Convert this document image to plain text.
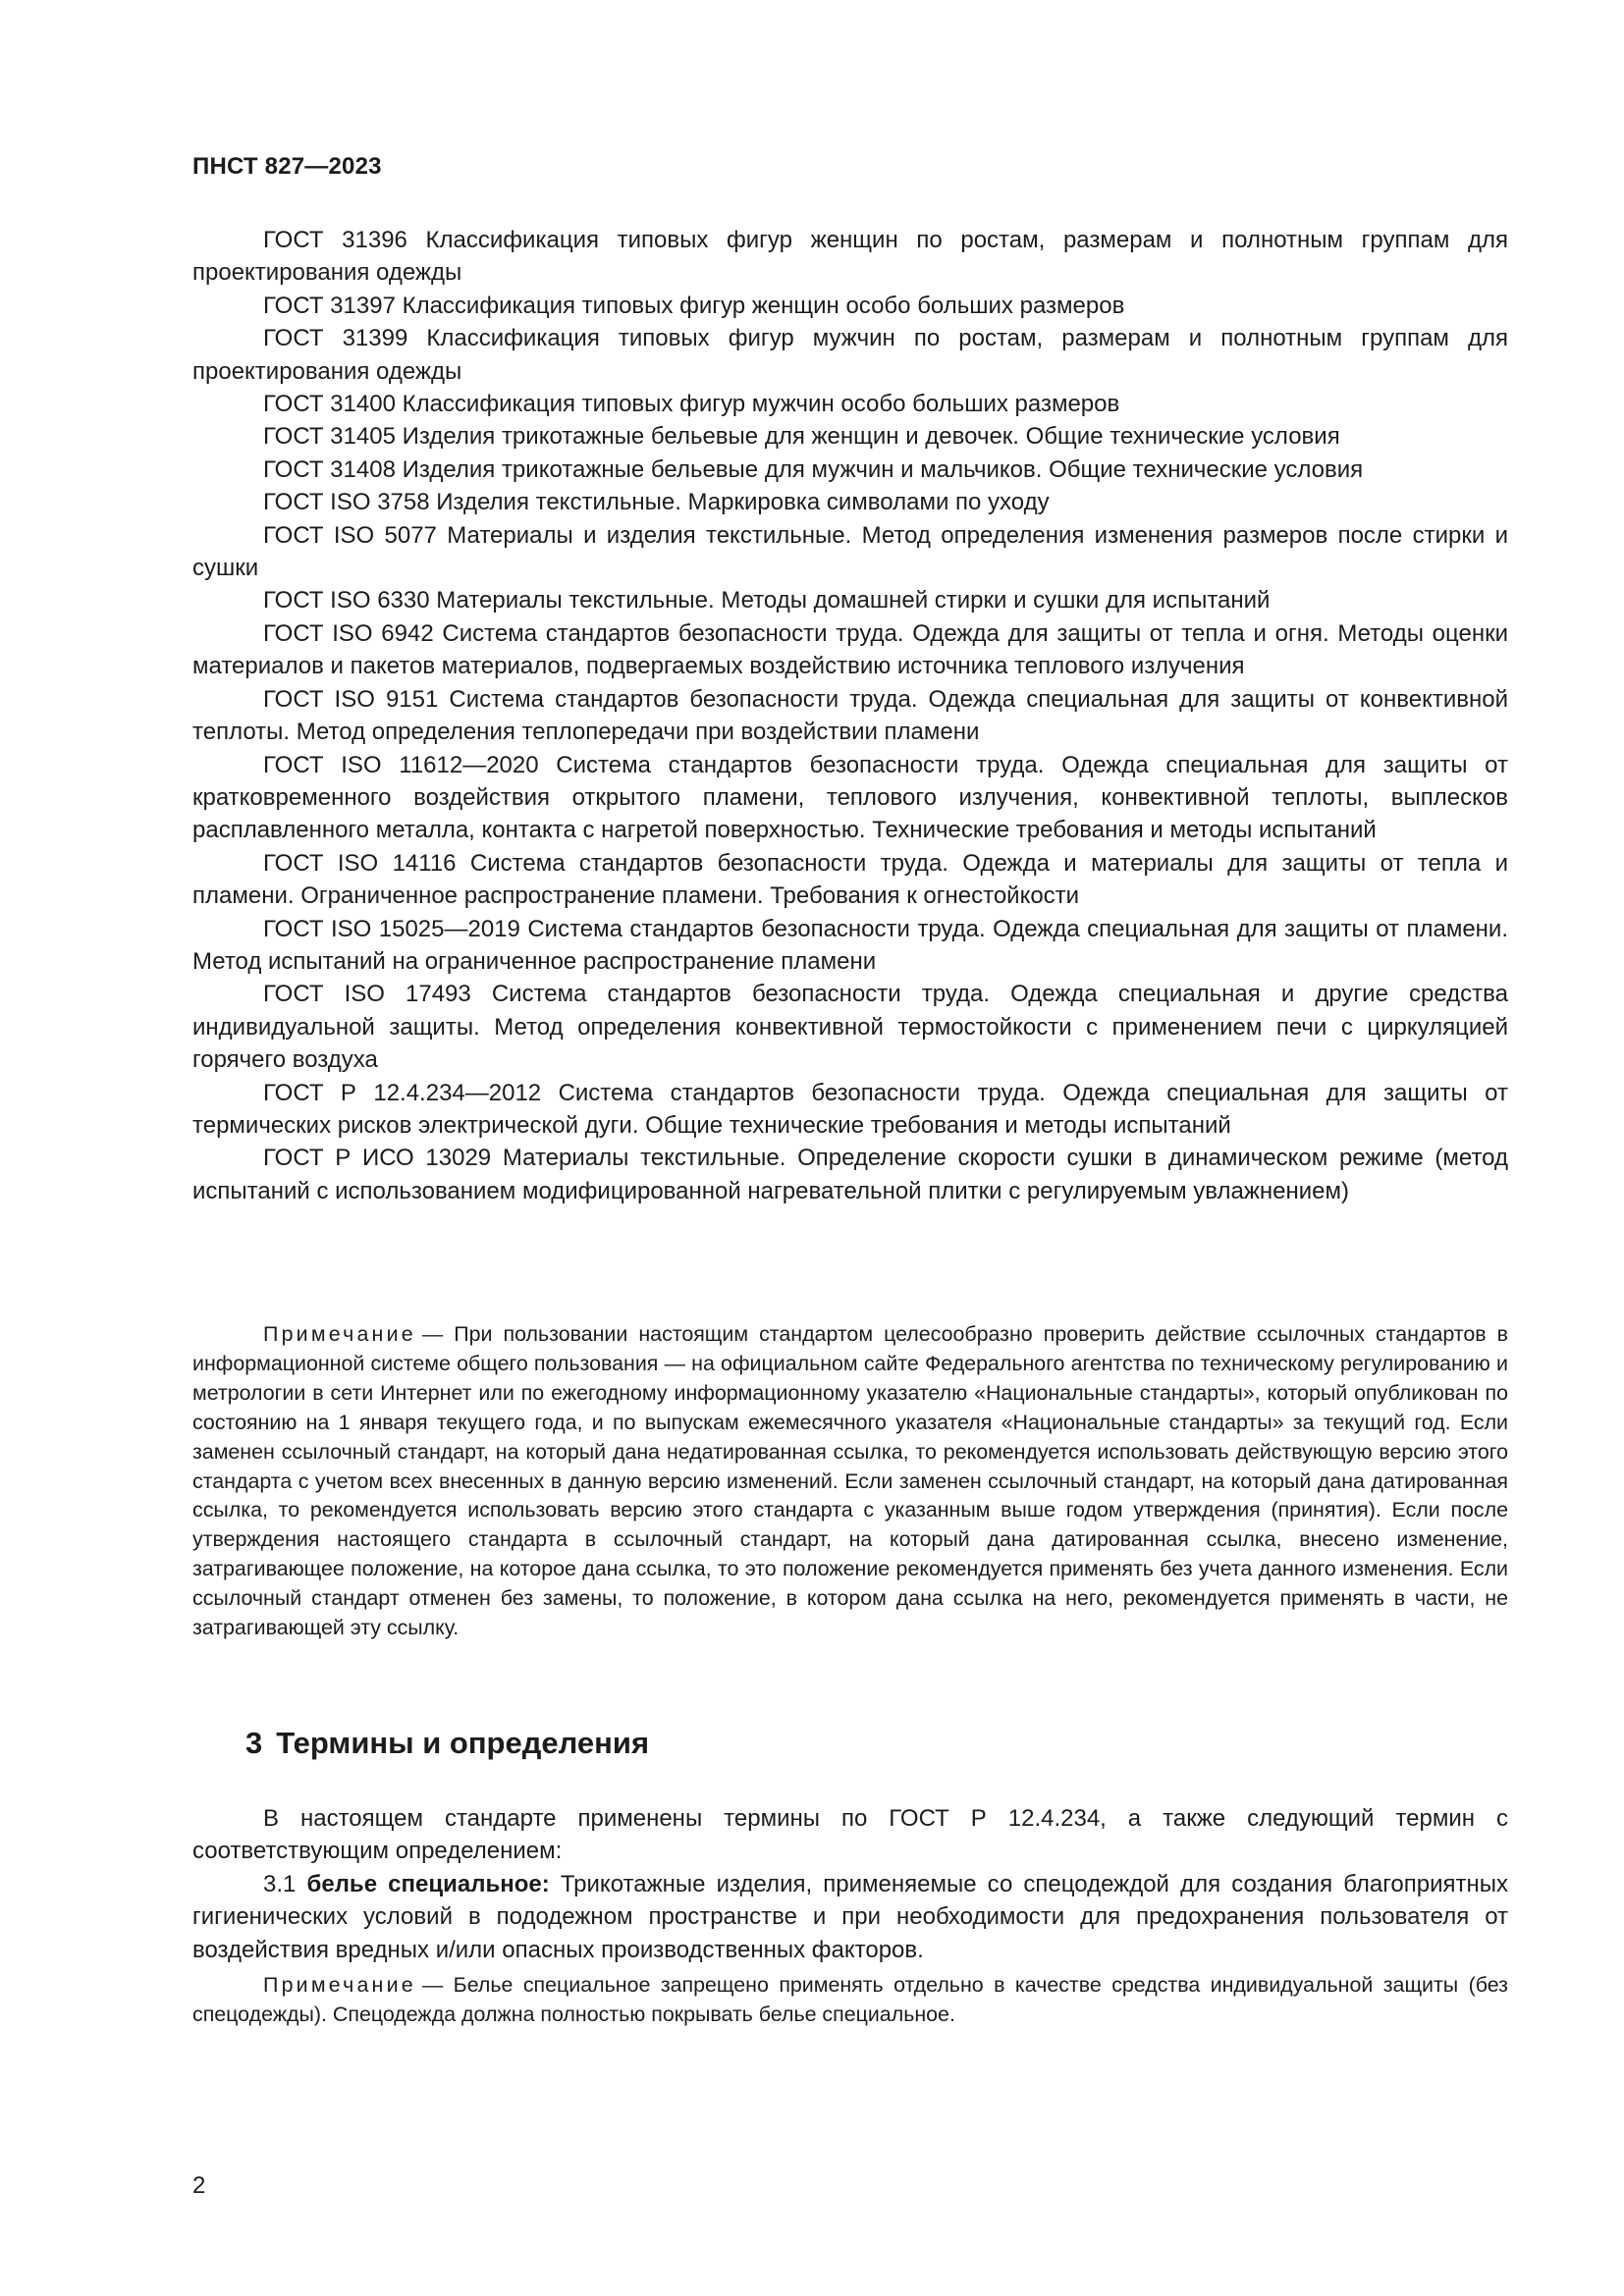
ПНСТ 827—2023

ГОСТ 31396 Классификация типовых фигур женщин по ростам, размерам и полнотным группам для проектирования одежды

ГОСТ 31397 Классификация типовых фигур женщин особо больших размеров

ГОСТ 31399 Классификация типовых фигур мужчин по ростам, размерам и полнотным группам для проектирования одежды

ГОСТ 31400 Классификация типовых фигур мужчин особо больших размеров

ГОСТ 31405 Изделия трикотажные бельевые для женщин и девочек. Общие технические условия

ГОСТ 31408 Изделия трикотажные бельевые для мужчин и мальчиков. Общие технические условия

ГОСТ ISO 3758 Изделия текстильные. Маркировка символами по уходу

ГОСТ ISO 5077 Материалы и изделия текстильные. Метод определения изменения размеров после стирки и сушки

ГОСТ ISO 6330 Материалы текстильные. Методы домашней стирки и сушки для испытаний

ГОСТ ISO 6942 Система стандартов безопасности труда. Одежда для защиты от тепла и огня. Методы оценки материалов и пакетов материалов, подвергаемых воздействию источника теплового излучения

ГОСТ ISO 9151 Система стандартов безопасности труда. Одежда специальная для защиты от конвективной теплоты. Метод определения теплопередачи при воздействии пламени

ГОСТ ISO 11612—2020 Система стандартов безопасности труда. Одежда специальная для защиты от кратковременного воздействия открытого пламени, теплового излучения, конвективной теплоты, выплесков расплавленного металла, контакта с нагретой поверхностью. Технические требования и методы испытаний

ГОСТ ISO 14116 Система стандартов безопасности труда. Одежда и материалы для защиты от тепла и пламени. Ограниченное распространение пламени. Требования к огнестойкости

ГОСТ ISO 15025—2019 Система стандартов безопасности труда. Одежда специальная для защиты от пламени. Метод испытаний на ограниченное распространение пламени

ГОСТ ISO 17493 Система стандартов безопасности труда. Одежда специальная и другие средства индивидуальной защиты. Метод определения конвективной термостойкости с применением печи с циркуляцией горячего воздуха

ГОСТ Р 12.4.234—2012 Система стандартов безопасности труда. Одежда специальная для защиты от термических рисков электрической дуги. Общие технические требования и методы испытаний

ГОСТ Р ИСО 13029 Материалы текстильные. Определение скорости сушки в динамическом режиме (метод испытаний с использованием модифицированной нагревательной плитки с регулируемым увлажнением)

Примечание — При пользовании настоящим стандартом целесообразно проверить действие ссылочных стандартов в информационной системе общего пользования — на официальном сайте Федерального агентства по техническому регулированию и метрологии в сети Интернет или по ежегодному информационному указателю «Национальные стандарты», который опубликован по состоянию на 1 января текущего года, и по выпускам ежемесячного указателя «Национальные стандарты» за текущий год. Если заменен ссылочный стандарт, на который дана недатированная ссылка, то рекомендуется использовать действующую версию этого стандарта с учетом всех внесенных в данную версию изменений. Если заменен ссылочный стандарт, на который дана датированная ссылка, то рекомендуется использовать версию этого стандарта с указанным выше годом утверждения (принятия). Если после утверждения настоящего стандарта в ссылочный стандарт, на который дана датированная ссылка, внесено изменение, затрагивающее положение, на которое дана ссылка, то это положение рекомендуется применять без учета данного изменения. Если ссылочный стандарт отменен без замены, то положение, в котором дана ссылка на него, рекомендуется применять в части, не затрагивающей эту ссылку.

3 Термины и определения

В настоящем стандарте применены термины по ГОСТ Р 12.4.234, а также следующий термин с соответствующим определением:

3.1 белье специальное: Трикотажные изделия, применяемые со спецодеждой для создания благоприятных гигиенических условий в пододежном пространстве и при необходимости для предохранения пользователя от воздействия вредных и/или опасных производственных факторов.

Примечание — Белье специальное запрещено применять отдельно в качестве средства индивидуальной защиты (без спецодежды). Спецодежда должна полностью покрывать белье специальное.

2
